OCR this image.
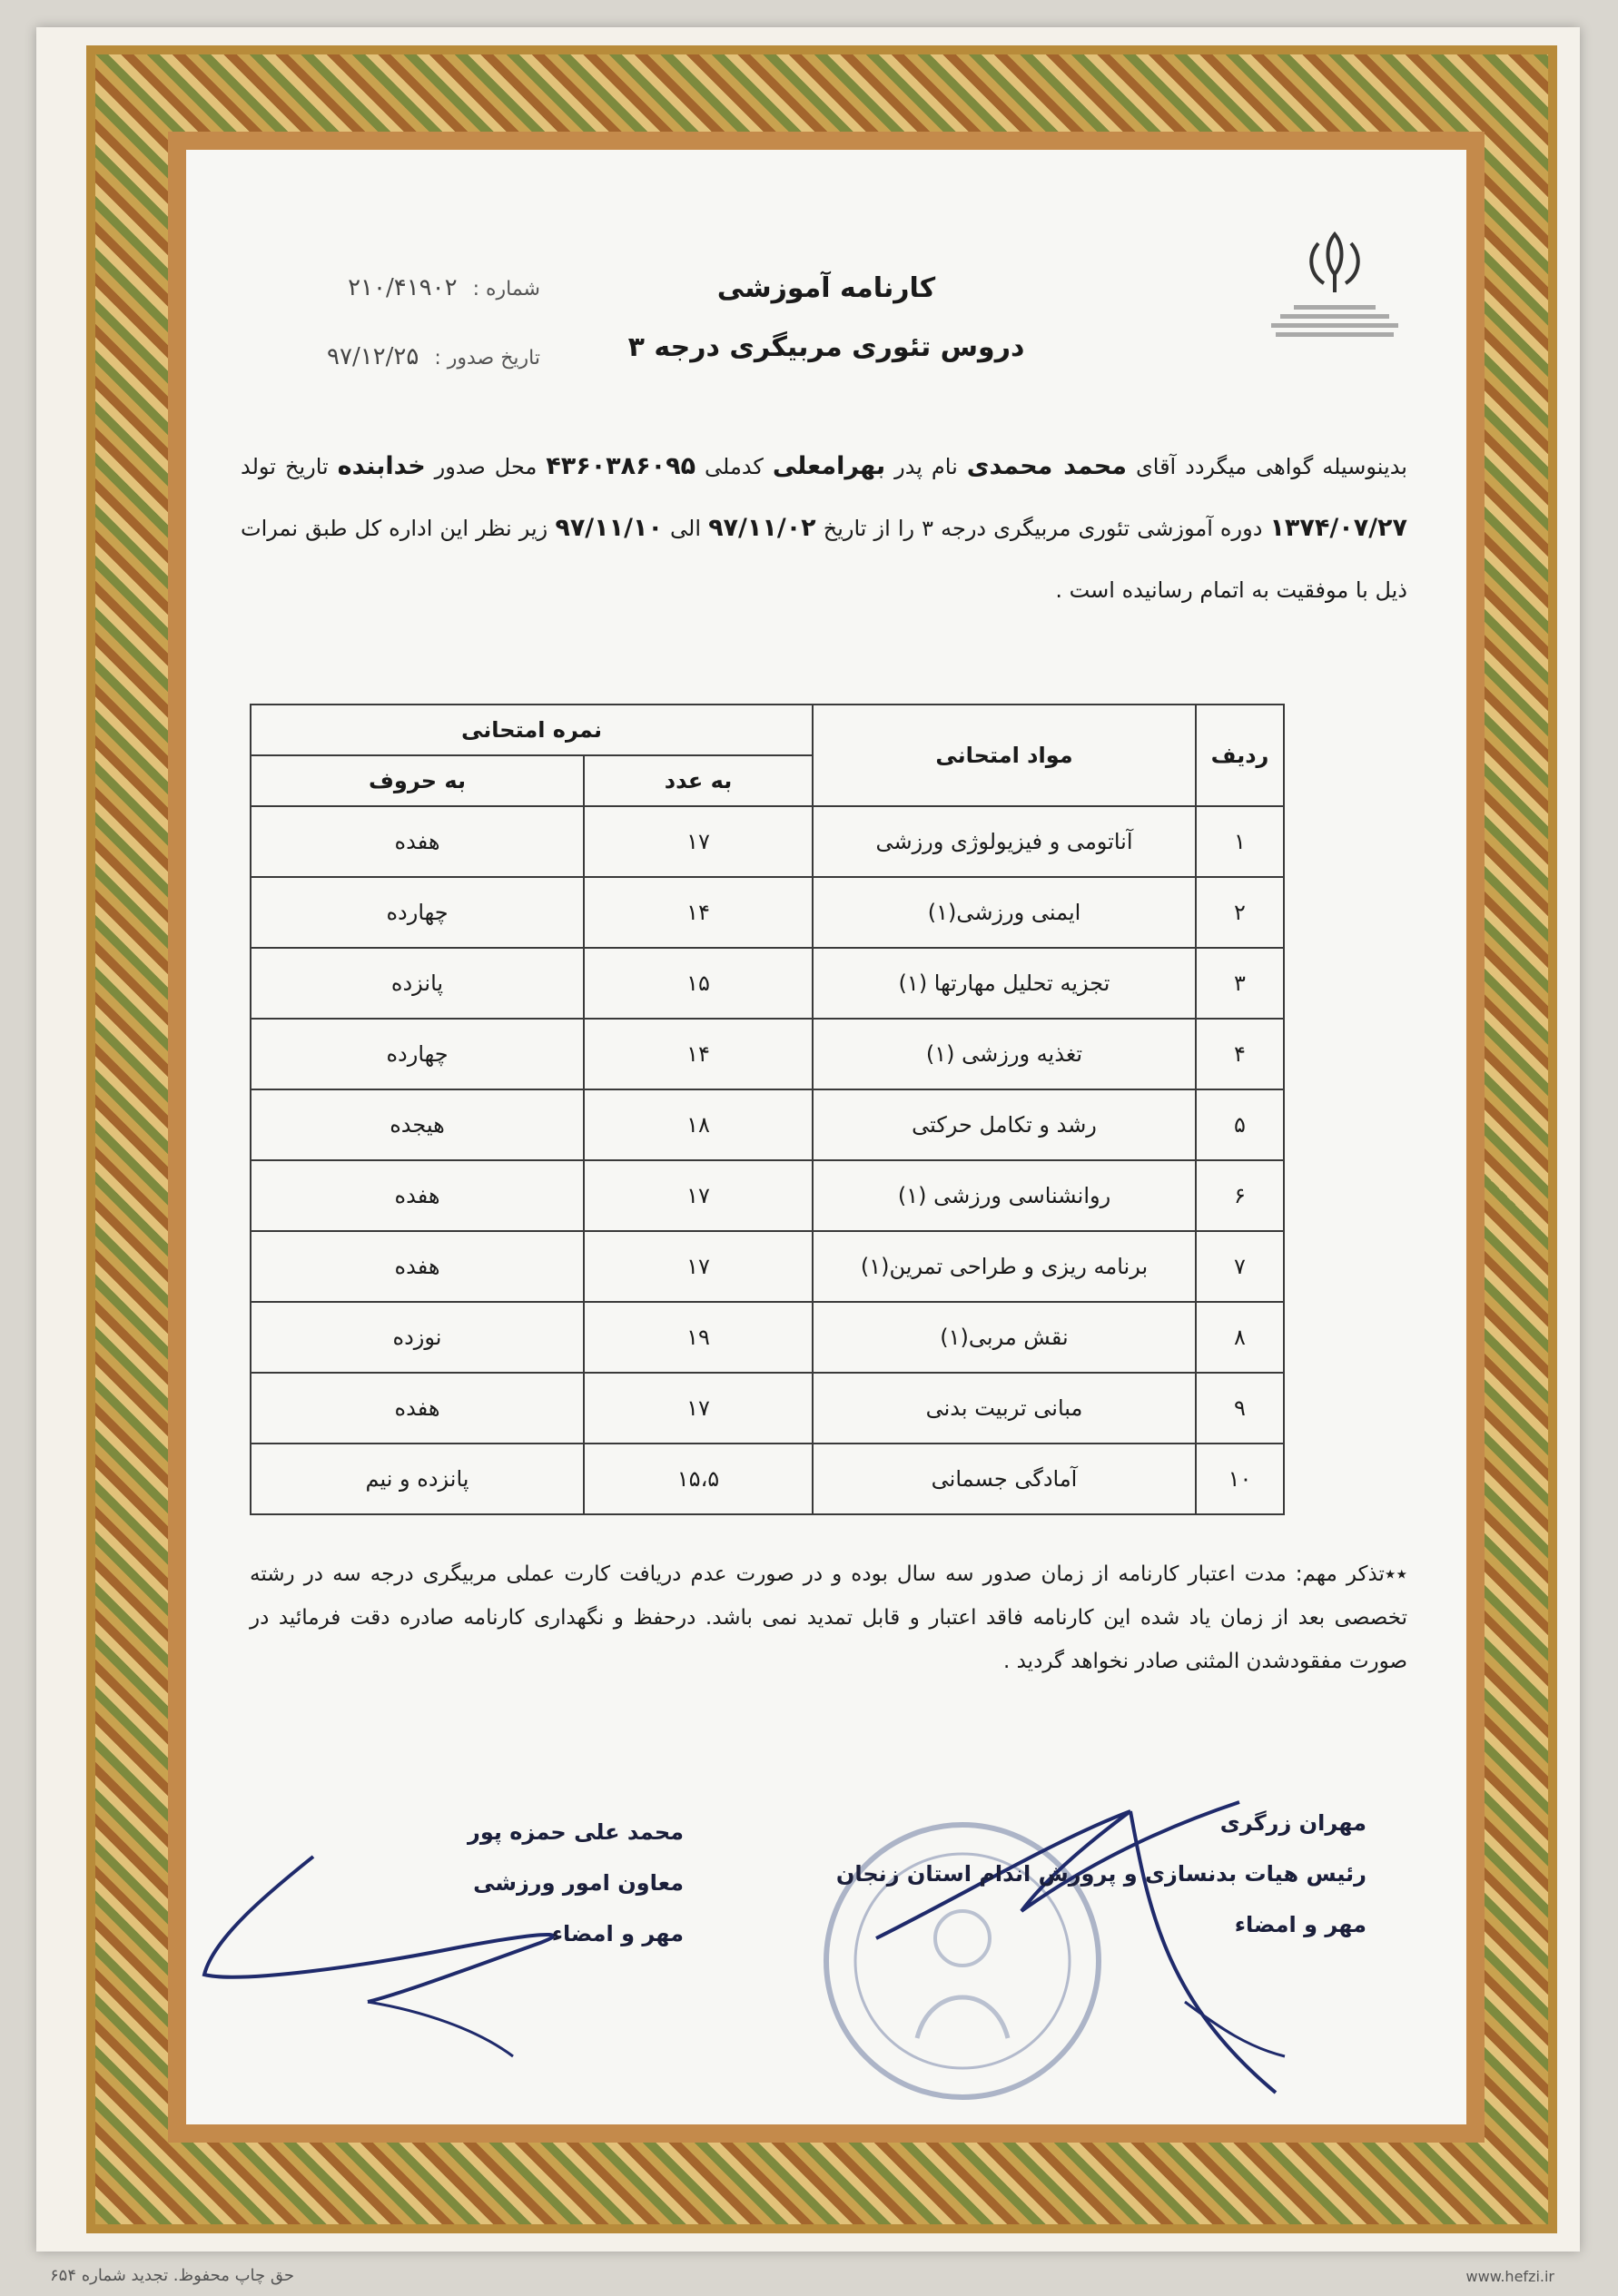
شماره : ۲۱۰/۴۱۹۰۲
تاریخ صدور : ۹۷/۱۲/۲۵
کارنامه آموزشی
دروس تئوری مربیگری درجه ۳
بدینوسیله گواهی میگردد آقای محمد محمدی نام پدر بهرامعلی کدملی ۴۳۶۰۳۸۶۰۹۵ محل صدور خدابنده تاریخ تولد ۱۳۷۴/۰۷/۲۷ دوره آموزشی تئوری مربیگری درجه ۳ را از تاریخ ۹۷/۱۱/۰۲ الی ۹۷/۱۱/۱۰ زیر نظر این اداره کل طبق نمرات ذیل با موفقیت به اتمام رسانیده است .
ردیف	مواد امتحانی	نمره امتحانی	
		به عدد	به حروف
۱	آناتومی و فیزیولوژی ورزشی	۱۷	هفده
۲	ایمنی ورزشی(۱)	۱۴	چهارده
۳	تجزیه تحلیل مهارتها (۱)	۱۵	پانزده
۴	تغذیه ورزشی (۱)	۱۴	چهارده
۵	رشد و تکامل حرکتی	۱۸	هیجده
۶	روانشناسی ورزشی (۱)	۱۷	هفده
۷	برنامه ریزی و طراحی تمرین(۱)	۱۷	هفده
۸	نقش مربی(۱)	۱۹	نوزده
۹	مبانی تربیت بدنی	۱۷	هفده
۱۰	آمادگی جسمانی	۱۵،۵	پانزده و نیم
٭٭تذکر مهم: مدت اعتبار کارنامه از زمان صدور سه سال بوده و در صورت عدم دریافت کارت عملی مربیگری درجه سه در رشته تخصصی بعد از زمان یاد شده این کارنامه فاقد اعتبار و قابل تمدید نمی باشد. درحفظ و نگهداری کارنامه صادره دقت فرمائید در صورت مفقودشدن المثنی صادر نخواهد گردید .
مهران زرگری
رئیس هیات بدنسازی و پرورش اندام استان زنجان
مهر و امضاء
محمد علی حمزه پور
معاون امور ورزشی
مهر و امضاء
حق چاپ محفوظ. تجدید شماره ۶۵۴	www.hefzi.ir
